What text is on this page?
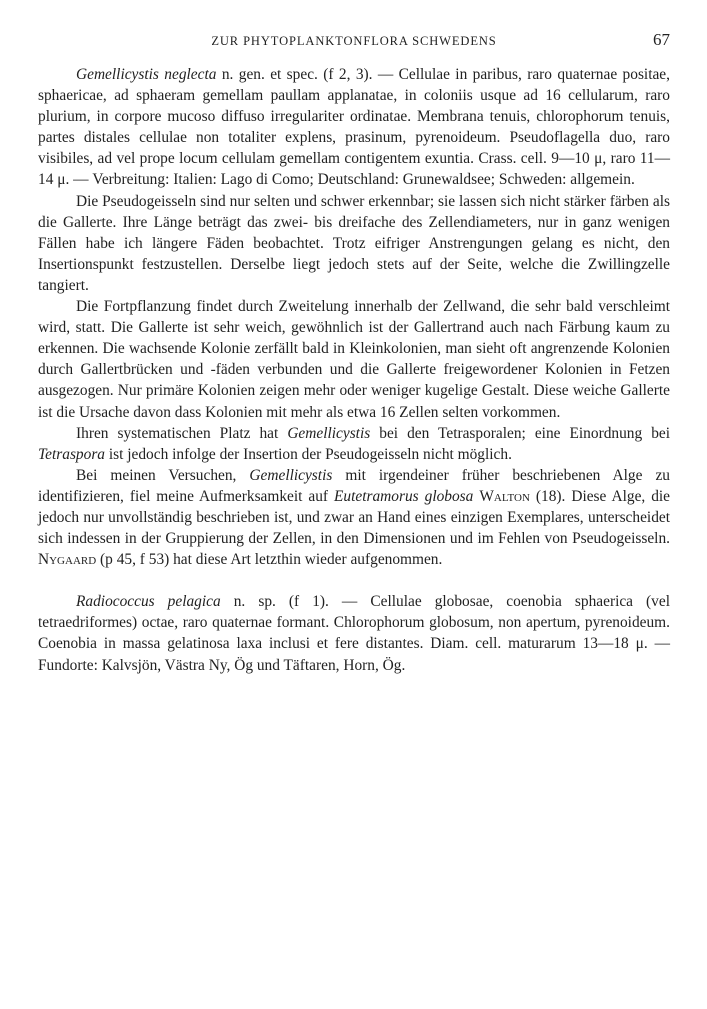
ZUR PHYTOPLANKTONFLORA SCHWEDENS	67

Gemellicystis neglecta n. gen. et spec. (f 2, 3). — Cellulae in paribus, raro quaternae positae, sphaericae, ad sphaeram gemellam paullam applanatae, in coloniis usque ad 16 cellularum, raro plurium, in corpore mucoso diffuso irregulariter ordinatae. Membrana tenuis, chlorophorum tenuis, partes distales cellulae non totaliter explens, prasinum, pyrenoideum. Pseudoflagella duo, raro visibiles, ad vel prope locum cellulam gemellam contigentem exuntia. Crass. cell. 9—10 μ, raro 11—14 μ. — Verbreitung: Italien: Lago di Como; Deutschland: Grunewaldsee; Schweden: allgemein.

Die Pseudogeisseln sind nur selten und schwer erkennbar; sie lassen sich nicht stärker färben als die Gallerte. Ihre Länge beträgt das zwei- bis dreifache des Zellendiameters, nur in ganz wenigen Fällen habe ich längere Fäden beobachtet. Trotz eifriger Anstrengungen gelang es nicht, den Insertionspunkt festzustellen. Derselbe liegt jedoch stets auf der Seite, welche die Zwillingzelle tangiert.

Die Fortpflanzung findet durch Zweitelung innerhalb der Zellwand, die sehr bald verschleimt wird, statt. Die Gallerte ist sehr weich, gewöhnlich ist der Gallertrand auch nach Färbung kaum zu erkennen. Die wachsende Kolonie zerfällt bald in Kleinkolonien, man sieht oft angrenzende Kolonien durch Gallertbrücken und -fäden verbunden und die Gallerte freigewordener Kolonien in Fetzen ausgezogen. Nur primäre Kolonien zeigen mehr oder weniger kugelige Gestalt. Diese weiche Gallerte ist die Ursache davon dass Kolonien mit mehr als etwa 16 Zellen selten vorkommen.

Ihren systematischen Platz hat Gemellicystis bei den Tetrasporalen; eine Einordnung bei Tetraspora ist jedoch infolge der Insertion der Pseudogeisseln nicht möglich.

Bei meinen Versuchen, Gemellicystis mit irgendeiner früher beschriebenen Alge zu identifizieren, fiel meine Aufmerksamkeit auf Eutetramorus globosa Walton (18). Diese Alge, die jedoch nur unvollständig beschrieben ist, und zwar an Hand eines einzigen Exemplares, unterscheidet sich indessen in der Gruppierung der Zellen, in den Dimensionen und im Fehlen von Pseudogeisseln. Nygaard (p 45, f 53) hat diese Art letzthin wieder aufgenommen.

Radiococcus pelagica n. sp. (f 1). — Cellulae globosae, coenobia sphaerica (vel tetraedriformes) octae, raro quaternae formant. Chlorophorum globosum, non apertum, pyrenoideum. Coenobia in massa gelatinosa laxa inclusi et fere distantes. Diam. cell. maturarum 13—18 μ. — Fundorte: Kalvsjön, Västra Ny, Ög und Täftaren, Horn, Ög.
